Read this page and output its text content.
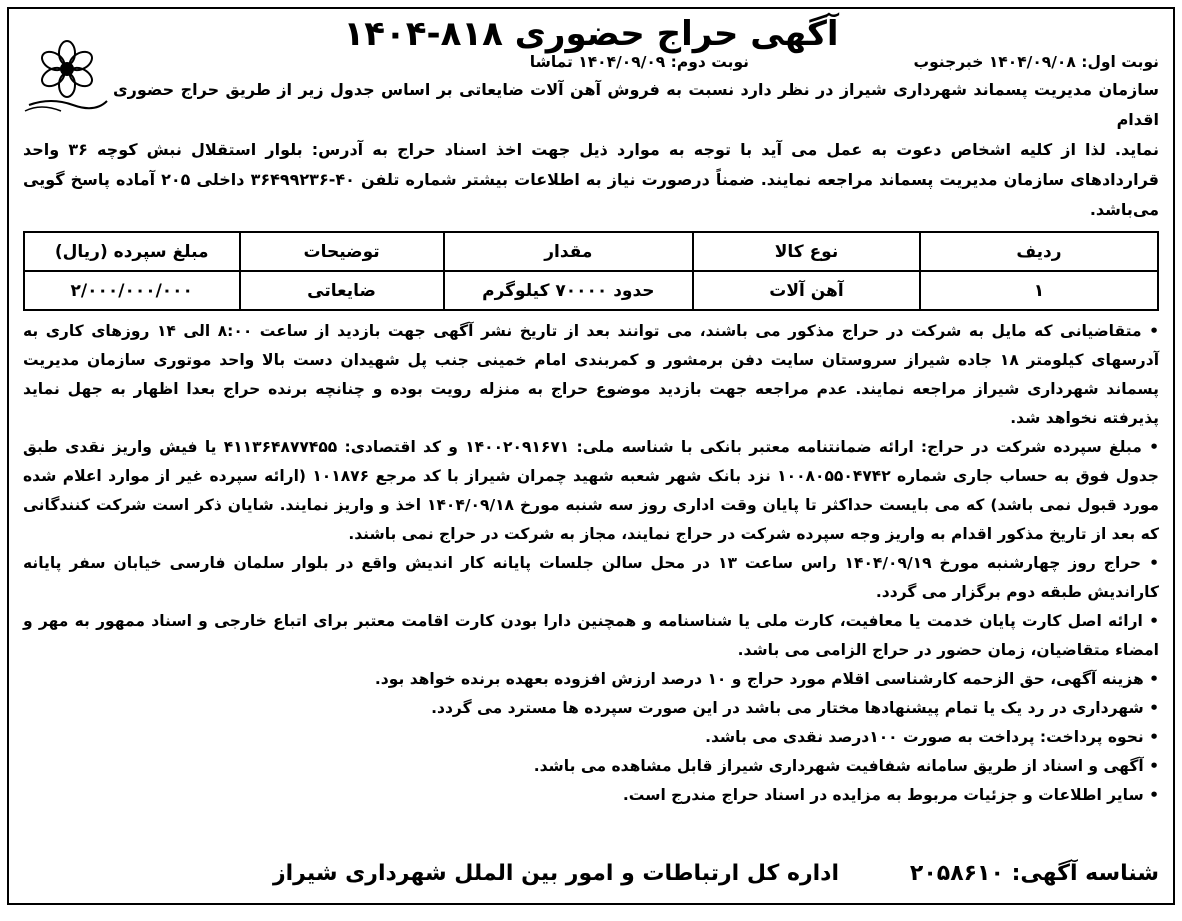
آگهی حراج حضوری ۸۱۸-۱۴۰۴
نوبت اول: ۱۴۰۴/۰۹/۰۸ خبرجنوب
نوبت دوم: ۱۴۰۴/۰۹/۰۹ تماشا
سازمان مدیریت پسماند شهرداری شیراز در نظر دارد نسبت به فروش آهن آلات ضایعاتی بر اساس جدول زیر از طریق حراج حضوری اقدام
نماید. لذا از کلیه اشخاص دعوت به عمل می آید با توجه به موارد ذیل جهت اخذ اسناد حراج به آدرس: بلوار استقلال نبش کوچه ۳۶ واحد قراردادهای سازمان مدیریت پسماند مراجعه نمایند. ضمناً درصورت نیاز به اطلاعات بیشتر شماره تلفن ۴۰-۳۶۴۹۹۲۳۶ داخلی ۲۰۵ آماده پاسخ گویی می‌باشد.
ردیف	نوع کالا	مقدار	توضیحات	مبلغ سپرده (ریال)
۱	آهن آلات	حدود ۷۰۰۰۰ کیلوگرم	ضایعاتی	۲/۰۰۰/۰۰۰/۰۰۰
• متقاضیانی که مایل به شرکت در حراج مذکور می باشند، می توانند بعد از تاریخ نشر آگهی جهت بازدید از ساعت ۸:۰۰ الی ۱۴ روزهای کاری به آدرسهای کیلومتر ۱۸ جاده شیراز سروستان سایت دفن برمشور و کمربندی امام خمینی جنب پل شهیدان دست بالا واحد موتوری سازمان مدیریت پسماند شهرداری شیراز مراجعه نمایند. عدم مراجعه جهت بازدید موضوع حراج به منزله رویت بوده و چنانچه برنده حراج بعدا اظهار به جهل نماید پذیرفته نخواهد شد.
• مبلغ سپرده شرکت در حراج: ارائه ضمانتنامه معتبر بانکی با شناسه ملی: ۱۴۰۰۲۰۹۱۶۷۱ و کد اقتصادی: ۴۱۱۳۶۴۸۷۷۴۵۵ یا فیش واریز نقدی طبق جدول فوق به حساب جاری شماره ۱۰۰۸۰۵۵۰۴۷۴۲ نزد بانک شهر شعبه شهید چمران شیراز با کد مرجع ۱۰۱۸۷۶ (ارائه سپرده غیر از موارد اعلام شده مورد قبول نمی باشد) که می بایست حداکثر تا پایان وقت اداری روز سه شنبه مورخ ۱۴۰۴/۰۹/۱۸ اخذ و واریز نمایند. شایان ذکر است شرکت کنندگانی که بعد از تاریخ مذکور اقدام به واریز وجه سپرده شرکت در حراج نمایند، مجاز به شرکت در حراج نمی باشند.
• حراج روز چهارشنبه مورخ ۱۴۰۴/۰۹/۱۹ راس ساعت ۱۳ در محل سالن جلسات پایانه کار اندیش واقع در بلوار سلمان فارسی خیابان سفر پایانه کاراندیش طبقه دوم برگزار می گردد.
• ارائه اصل کارت پایان خدمت یا معافیت، کارت ملی یا شناسنامه و همچنین دارا بودن کارت اقامت معتبر برای اتباع خارجی و اسناد ممهور به مهر و امضاء متقاضیان، زمان حضور در حراج الزامی می باشد.
• هزینه آگهی، حق الزحمه کارشناسی اقلام مورد حراج و ۱۰ درصد ارزش افزوده بعهده برنده خواهد بود.
• شهرداری در رد یک یا تمام پیشنهادها مختار می باشد در این صورت سپرده ها مسترد می گردد.
• نحوه پرداخت: پرداخت به صورت ۱۰۰درصد نقدی می باشد.
• آگهی و اسناد از طریق سامانه شفافیت شهرداری شیراز قابل مشاهده می باشد.
• سایر اطلاعات و جزئیات مربوط به مزایده در اسناد حراج مندرج است.
شناسه آگهی: ۲۰۵۸۶۱۰
اداره کل ارتباطات و امور بین الملل شهرداری شیراز
